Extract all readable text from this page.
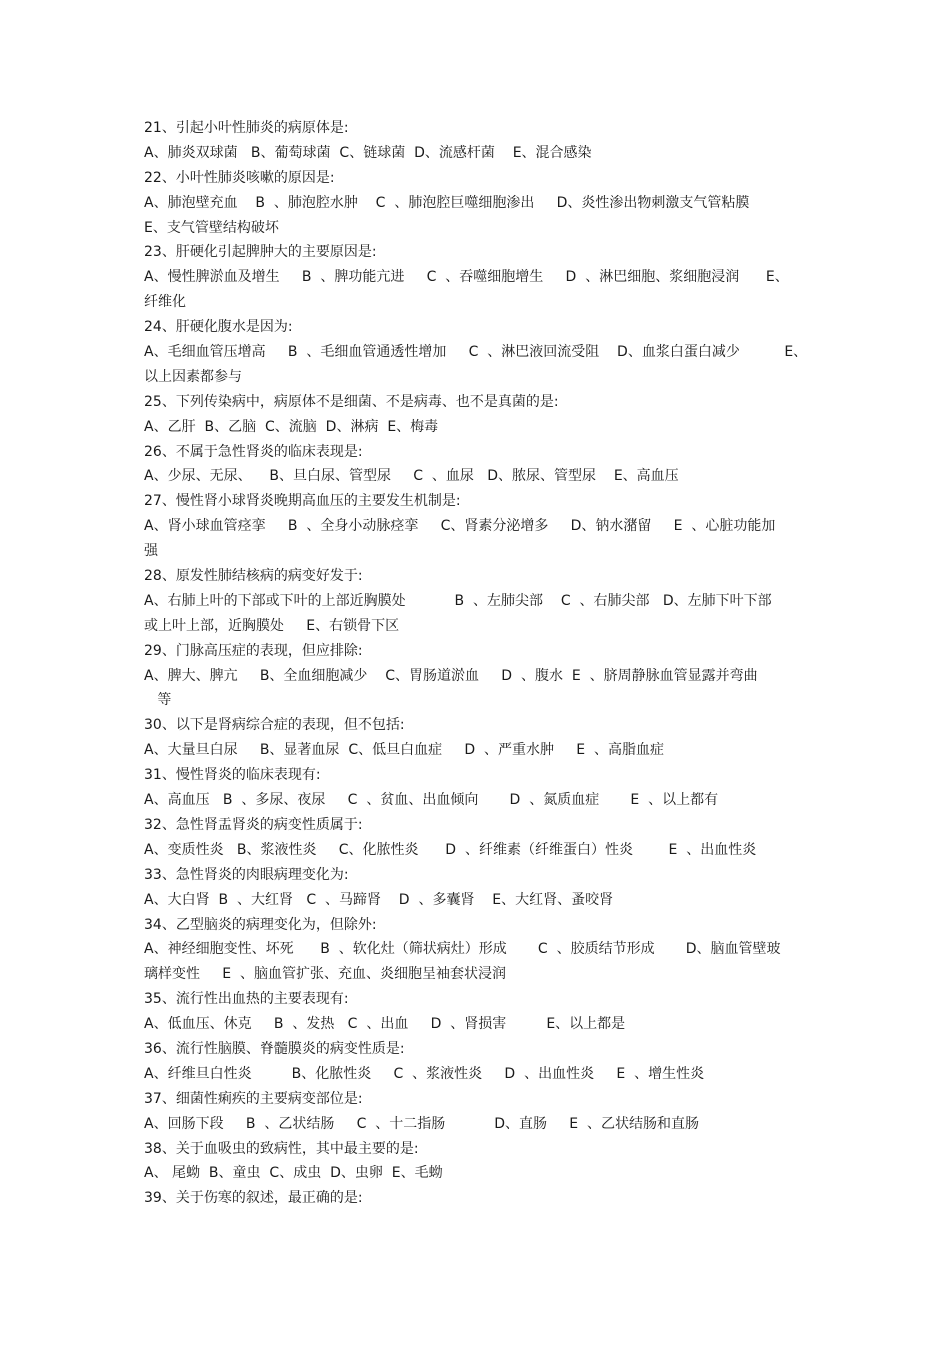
21、引起小叶性肺炎的病原体是:
A、肺炎双球菌   B、葡萄球菌  C、链球菌  D、流感杆菌    E、混合感染
22、小叶性肺炎咳嗽的原因是:
A、肺泡壁充血    B  、肺泡腔水肿    C  、肺泡腔巨噬细胞渗出     D、炎性渗出物刺激支气管粘膜
E、支气管壁结构破坏
23、肝硬化引起脾肿大的主要原因是:
A、慢性脾淤血及增生     B  、脾功能亢进     C  、吞噬细胞增生     D  、淋巴细胞、浆细胞浸润      E、
纤维化
24、肝硬化腹水是因为:
A、毛细血管压增高     B  、毛细血管通透性增加     C  、淋巴液回流受阻    D、血浆白蛋白减少          E、
以上因素都参与
25、下列传染病中，病原体不是细菌、不是病毒、也不是真菌的是:
A、乙肝  B、乙脑  C、流脑  D、淋病  E、梅毒
26、不属于急性肾炎的临床表现是:
A、少尿、无尿、    B、旦白尿、管型尿     C  、血尿   D、脓尿、管型尿    E、高血压
27、慢性肾小球肾炎晚期高血压的主要发生机制是:
A、肾小球血管痉挛     B  、全身小动脉痉挛     C、肾素分泌增多     D、钠水潴留     E  、心脏功能加
强
28、原发性肺结核病的病变好发于:
A、右肺上叶的下部或下叶的上部近胸膜处           B  、左肺尖部    C  、右肺尖部   D、左肺下叶下部
或上叶上部，近胸膜处     E、右锁骨下区
29、门脉高压症的表现，但应排除:
A、脾大、脾亢     B、全血细胞减少    C、胃肠道淤血     D  、腹水  E  、脐周静脉血管显露并弯曲
等
30、以下是肾病综合症的表现，但不包括:
A、大量旦白尿     B、显著血尿  C、低旦白血症     D  、严重水肿     E  、高脂血症
31、慢性肾炎的临床表现有:
A、高血压   B  、多尿、夜尿     C  、贫血、出血倾向       D  、氮质血症       E  、以上都有
32、急性肾盂肾炎的病变性质属于:
A、变质性炎   B、浆液性炎     C、化脓性炎      D  、纤维素（纤维蛋白）性炎        E  、出血性炎
33、急性肾炎的肉眼病理变化为:
A、大白肾  B  、大红肾   C  、马蹄肾    D  、多囊肾    E、大红肾、蚤咬肾
34、乙型脑炎的病理变化为，但除外:
A、神经细胞变性、坏死      B  、软化灶（筛状病灶）形成       C  、胶质结节形成       D、脑血管壁玻
璃样变性     E  、脑血管扩张、充血、炎细胞呈袖套状浸润
35、流行性出血热的主要表现有:
A、低血压、休克     B  、发热   C  、出血     D  、肾损害         E、以上都是
36、流行性脑膜、脊髓膜炎的病变性质是:
A、纤维旦白性炎         B、化脓性炎     C  、浆液性炎     D  、出血性炎     E  、增生性炎
37、细菌性痢疾的主要病变部位是:
A、回肠下段     B  、乙状结肠     C  、十二指肠           D、直肠     E  、乙状结肠和直肠
38、关于血吸虫的致病性，其中最主要的是:
A、 尾蚴  B、童虫  C、成虫  D、虫卵  E、毛蚴
39、关于伤寒的叙述，最正确的是:
